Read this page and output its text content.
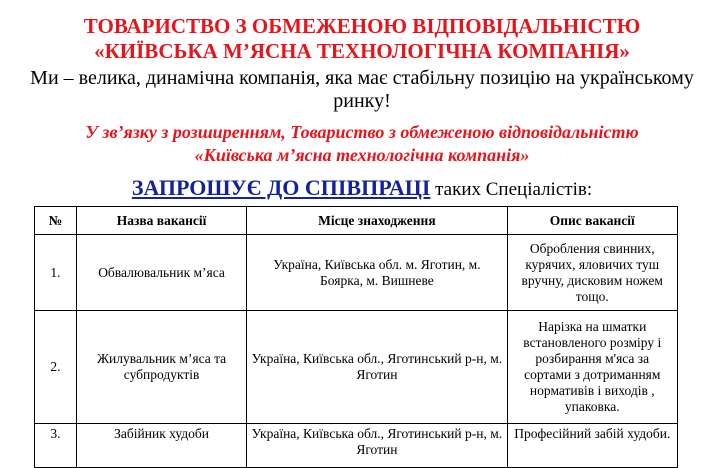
ТОВАРИСТВО З ОБМЕЖЕНОЮ ВІДПОВІДАЛЬНІСТЮ
«КИЇВСЬКА М’ЯСНА ТЕХНОЛОГІЧНА КОМПАНІЯ»
Ми – велика, динамічна компанія, яка має стабільну позицію на українському
ринку!
У зв’язку з розширенням, Товариство з обмеженою відповідальністю
«Київська м’ясна технологічна компанія»
ЗАПРОШУЄ ДО СПІВПРАЦІ таких Спеціалістів:
№	Назва вакансії	Місце знаходження	Опис вакансії
1.	Обвалювальник м’яса	Україна, Київська обл. м. Яготин, м. Боярка, м. Вишневе	Обробления свинних, курячих, яловичих туш вручну, дисковим ножем тощо.
2.	Жилувальник м’яса та субпродуктів	Україна, Київська обл., Яготинський р-н, м. Яготин	Нарізка на шматки встановленого розміру і розбирання м'яса за сортами з дотриманням нормативів і виходів , упаковка.
3.	Забійник худоби	Україна, Київська обл., Яготинський р-н, м. Яготин	Професійний забій худоби.
